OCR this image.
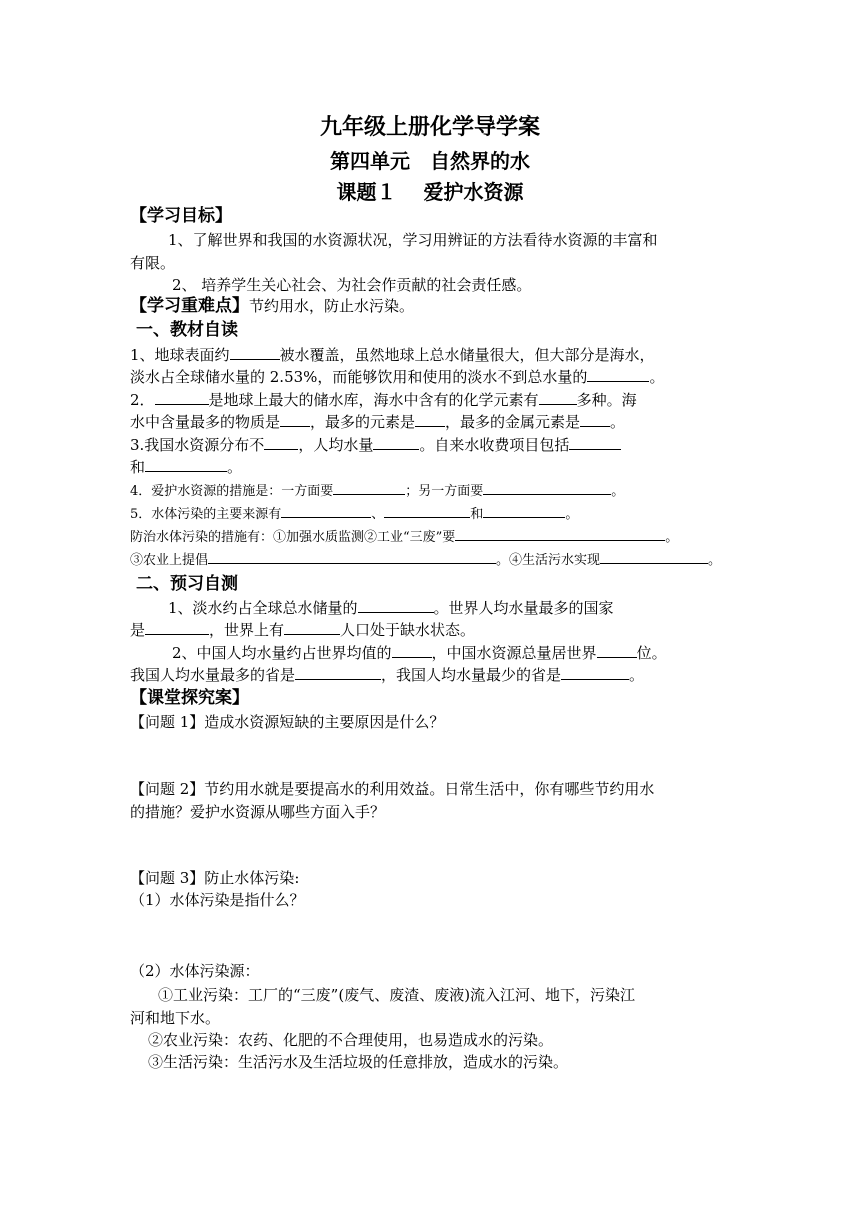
九年级上册化学导学案
第四单元　自然界的水
课题１　 爱护水资源
【学习目标】
1、了解世界和我国的水资源状况，学习用辨证的方法看待水资源的丰富和
有限。
2、 培养学生关心社会、为社会作贡献的社会责任感。
【学习重难点】节约用水，防止水污染。
一、教材自读
1、地球表面约	被水覆盖，虽然地球上总水储量很大，但大部分是海水，
淡水占全球储水量的 2.53%，而能够饮用和使用的淡水不到总水量的	。
2．	是地球上最大的储水库，海水中含有的化学元素有	多种。海
水中含量最多的物质是 ，最多的元素是 ，最多的金属元素是 。
3.我国水资源分布不 ，人均水量	。自来水收费项目包括
和	。
4．爱护水资源的措施是：一方面要	；另一方面要	。
5．水体污染的主要来源有	、	和	。
防治水体污染的措施有：①加强水质监测②工业“三废”要	。
③农业上提倡	。④生活污水实现	。
二、预习自测
1、淡水约占全球总水储量的	。世界人均水量最多的国家
是	，世界上有	人口处于缺水状态。
2、中国人均水量约占世界均值的	，中国水资源总量居世界	位。
我国人均水量最多的省是	，我国人均水量最少的省是	。
【课堂探究案】
【问题 1】造成水资源短缺的主要原因是什么？
【问题 2】节约用水就是要提高水的利用效益。日常生活中，你有哪些节约用水
的措施？爱护水资源从哪些方面入手？
【问题 3】防止水体污染:
（1）水体污染是指什么？
（2）水体污染源：
①工业污染：工厂的“三废”(废气、废渣、废液)流入江河、地下，污染江
河和地下水。
②农业污染：农药、化肥的不合理使用，也易造成水的污染。
③生活污染：生活污水及生活垃圾的任意排放，造成水的污染。
